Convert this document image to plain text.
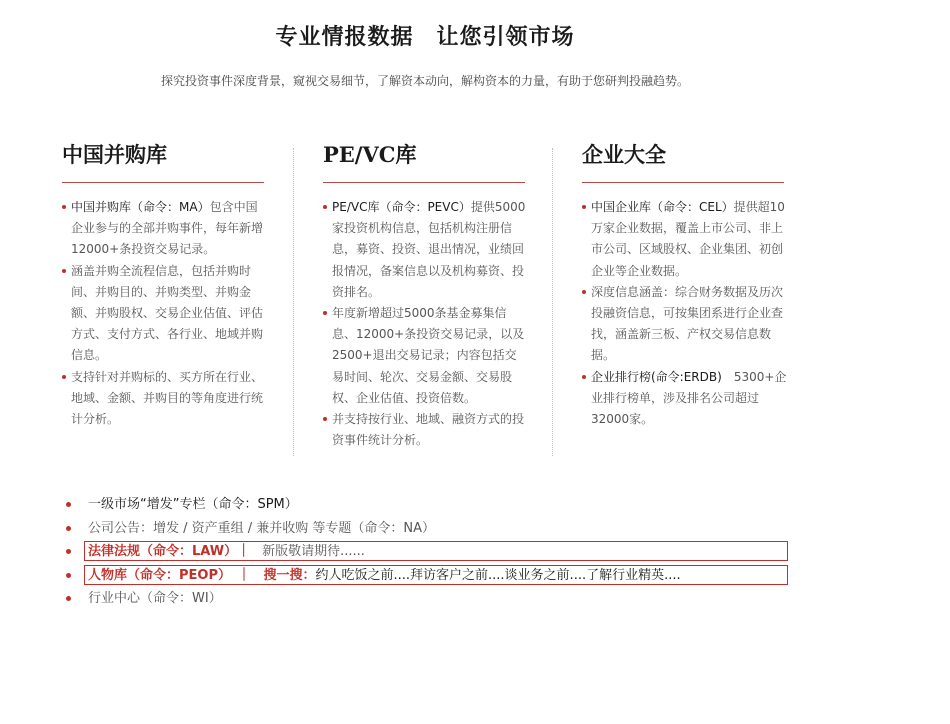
专业情报数据　让您引领市场

探究投资事件深度背景，窥视交易细节，了解资本动向，解构资本的力量，有助于您研判投融趋势。

中国并购库
中国并购库（命令：MA）包含中国企业参与的全部并购事件，每年新增12000+条投资交易记录。
涵盖并购全流程信息，包括并购时间、并购目的、并购类型、并购金额、并购股权、交易企业估值、评估方式、支付方式、各行业、地域并购信息。
支持针对并购标的、买方所在行业、地域、金额、并购目的等角度进行统计分析。
PE/VC库
PE/VC库（命令：PEVC）提供5000家投资机构信息，包括机构注册信息，募资、投资、退出情况，业绩回报情况，备案信息以及机构募资、投资排名。
年度新增超过5000条基金募集信息、12000+条投资交易记录，以及2500+退出交易记录；内容包括交易时间、轮次、交易金额、交易股权、企业估值、投资倍数。
并支持按行业、地域、融资方式的投资事件统计分析。
企业大全
中国企业库（命令：CEL）提供超10万家企业数据，覆盖上市公司、非上市公司、区域股权、企业集团、初创企业等企业数据。
深度信息涵盖：综合财务数据及历次投融资信息，可按集团系进行企业查找，涵盖新三板、产权交易信息数据。
企业排行榜(命令:ERDB)　5300+企业排行榜单，涉及排名公司超过32000家。
一级市场“增发”专栏（命令：SPM）
公司公告：增发 / 资产重组 / 兼并收购 等专题（命令：NA）
法律法规（命令：LAW）｜ 新版敬请期待......
人物库（命令：PEOP）　｜　搜一搜：约人吃饭之前....拜访客户之前....谈业务之前....了解行业精英....
行业中心（命令：WI）
